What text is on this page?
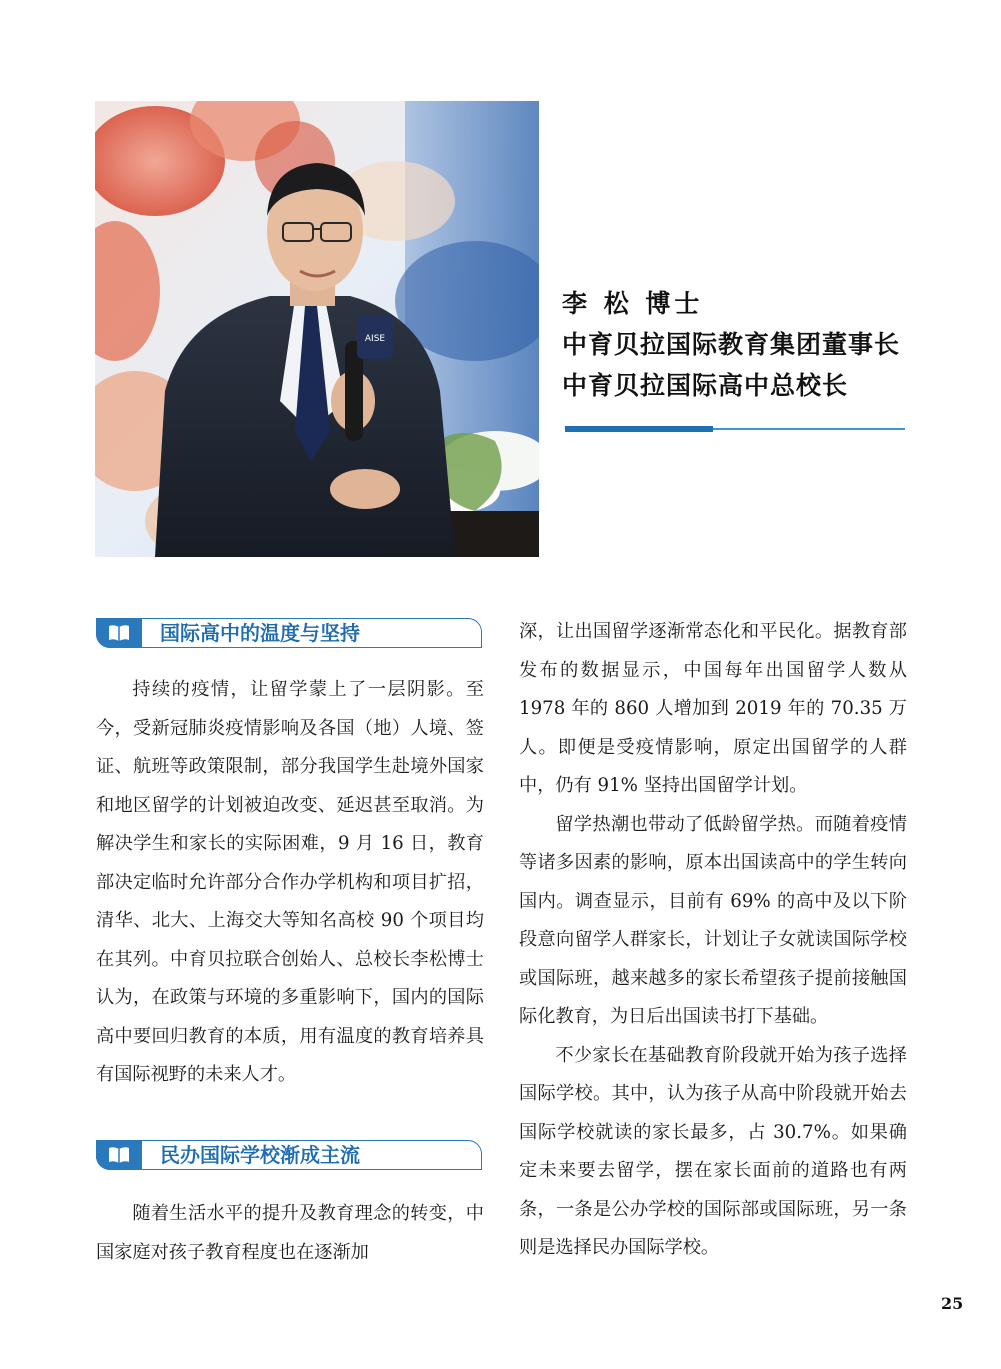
AISE
李 松 博士
中育贝拉国际教育集团董事长
中育贝拉国际高中总校长
国际高中的温度与坚持

持续的疫情，让留学蒙上了一层阴影。至今，受新冠肺炎疫情影响及各国（地）人境、签证、航班等政策限制，部分我国学生赴境外国家和地区留学的计划被迫改变、延迟甚至取消。为解决学生和家长的实际困难，9 月 16 日，教育部决定临时允许部分合作办学机构和项目扩招，清华、北大、上海交大等知名高校 90 个项目均在其列。中育贝拉联合创始人、总校长李松博士认为，在政策与环境的多重影响下，国内的国际高中要回归教育的本质，用有温度的教育培养具有国际视野的未来人才。

民办国际学校渐成主流

随着生活水平的提升及教育理念的转变，中国家庭对孩子教育程度也在逐渐加

深，让出国留学逐渐常态化和平民化。据教育部发布的数据显示，中国每年出国留学人数从 1978 年的 860 人增加到 2019 年的 70.35 万人。即便是受疫情影响，原定出国留学的人群中，仍有 91% 坚持出国留学计划。

留学热潮也带动了低龄留学热。而随着疫情等诸多因素的影响，原本出国读高中的学生转向国内。调查显示，目前有 69% 的高中及以下阶段意向留学人群家长，计划让子女就读国际学校或国际班，越来越多的家长希望孩子提前接触国际化教育，为日后出国读书打下基础。

不少家长在基础教育阶段就开始为孩子选择国际学校。其中，认为孩子从高中阶段就开始去国际学校就读的家长最多，占 30.7%。如果确定未来要去留学，摆在家长面前的道路也有两条，一条是公办学校的国际部或国际班，另一条则是选择民办国际学校。

25
